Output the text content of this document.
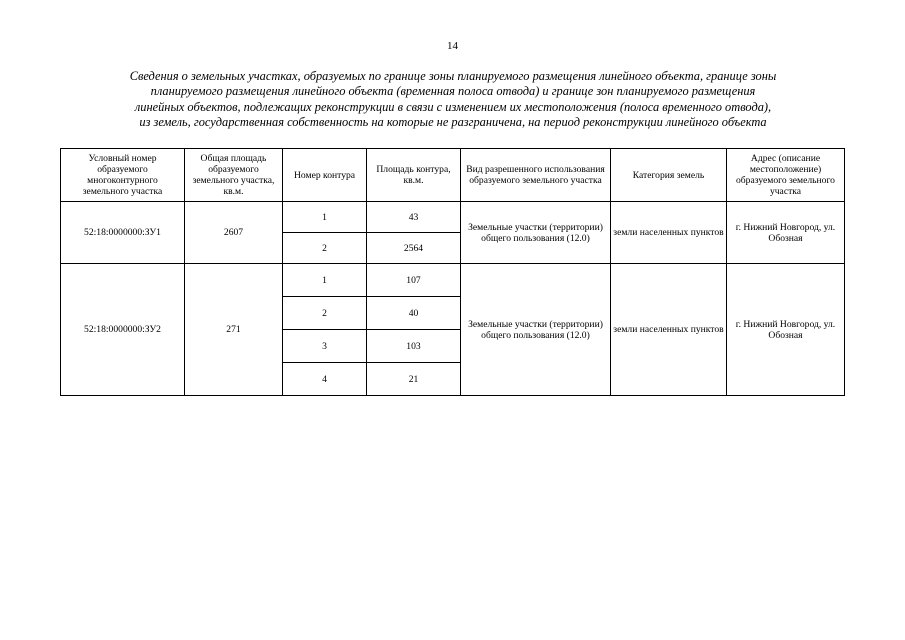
14
Сведения о земельных участках, образуемых по границе зоны планируемого размещения линейного объекта, границе зоны
планируемого размещения линейного объекта (временная полоса отвода) и границе зон планируемого размещения
линейных объектов, подлежащих реконструкции в связи с изменением их местоположения (полоса временного отвода),
из земель, государственная собственность на которые не разграничена, на период реконструкции линейного объекта
Условный номер образуемого многоконтурного земельного участка	Общая площадь образуемого земельного участка, кв.м.	Номер контура	Площадь контура, кв.м.	Вид разрешенного использования образуемого земельного участка	Категория земель	Адрес (описание местоположение) образуемого земельного участка
52:18:0000000:ЗУ1	2607	1	43	Земельные участки (территории) общего пользования (12.0)	земли населенных пунктов	г. Нижний Новгород, ул. Обозная
		2	2564			
52:18:0000000:ЗУ2	271	1	107	Земельные участки (территории) общего пользования (12.0)	земли населенных пунктов	г. Нижний Новгород, ул. Обозная
		2	40			
		3	103			
		4	21			
